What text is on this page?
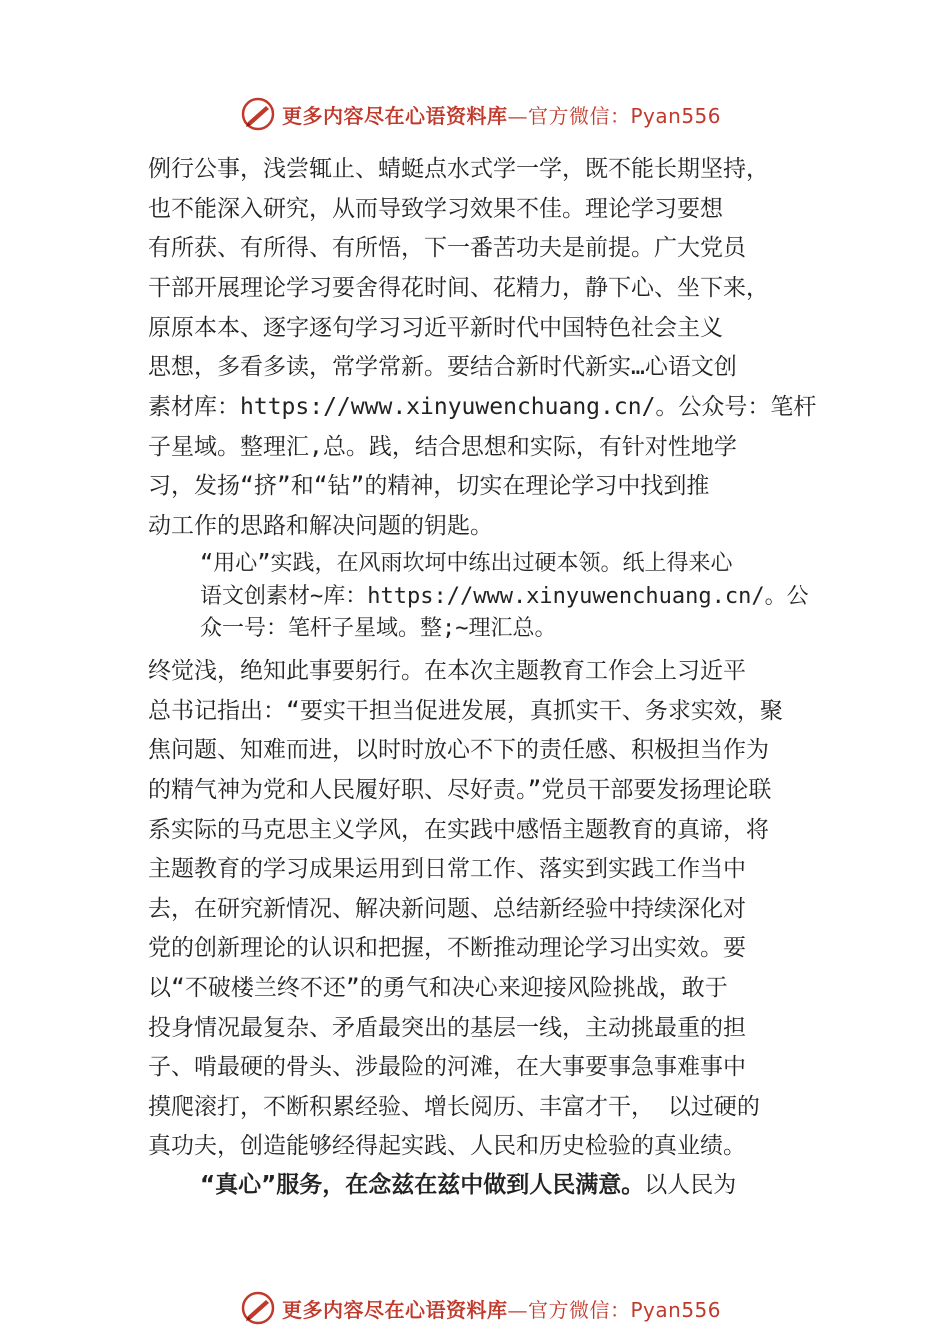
更多内容尽在心语资料库—官方微信：Pyan556
例行公事，浅尝辄止、蜻蜓点水式学一学，既不能长期坚持，
也不能深入研究，从而导致学习效果不佳。理论学习要想
有所获、有所得、有所悟，下一番苦功夫是前提。广大党员
干部开展理论学习要舍得花时间、花精力，静下心、坐下来，
原原本本、逐字逐句学习习近平新时代中国特色社会主义
思想，多看多读，常学常新。要结合新时代新实…心语文创
素材库：https://www.xinyuwenchuang.cn/。公众号：笔杆
子星域。整理汇,总。践，结合思想和实际，有针对性地学
习，发扬“挤”和“钻”的精神，切实在理论学习中找到推
动工作的思路和解决问题的钥匙。
“用心”实践，在风雨坎坷中练出过硬本领。纸上得来心
语文创素材~库：https://www.xinyuwenchuang.cn/。公
众一号：笔杆子星域。整;~理汇总。
终觉浅，绝知此事要躬行。在本次主题教育工作会上习近平
总书记指出：“要实干担当促进发展，真抓实干、务求实效，聚
焦问题、知难而进，以时时放心不下的责任感、积极担当作为
的精气神为党和人民履好职、尽好责。”党员干部要发扬理论联
系实际的马克思主义学风，在实践中感悟主题教育的真谛，将
主题教育的学习成果运用到日常工作、落实到实践工作当中
去，在研究新情况、解决新问题、总结新经验中持续深化对
党的创新理论的认识和把握，不断推动理论学习出实效。要
以“不破楼兰终不还”的勇气和决心来迎接风险挑战，敢于
投身情况最复杂、矛盾最突出的基层一线，主动挑最重的担
子、啃最硬的骨头、涉最险的河滩，在大事要事急事难事中
摸爬滚打，不断积累经验、增长阅历、丰富才干， 以过硬的
真功夫，创造能够经得起实践、人民和历史检验的真业绩。
“真心”服务，在念兹在兹中做到人民满意。以人民为
更多内容尽在心语资料库—官方微信：Pyan556
